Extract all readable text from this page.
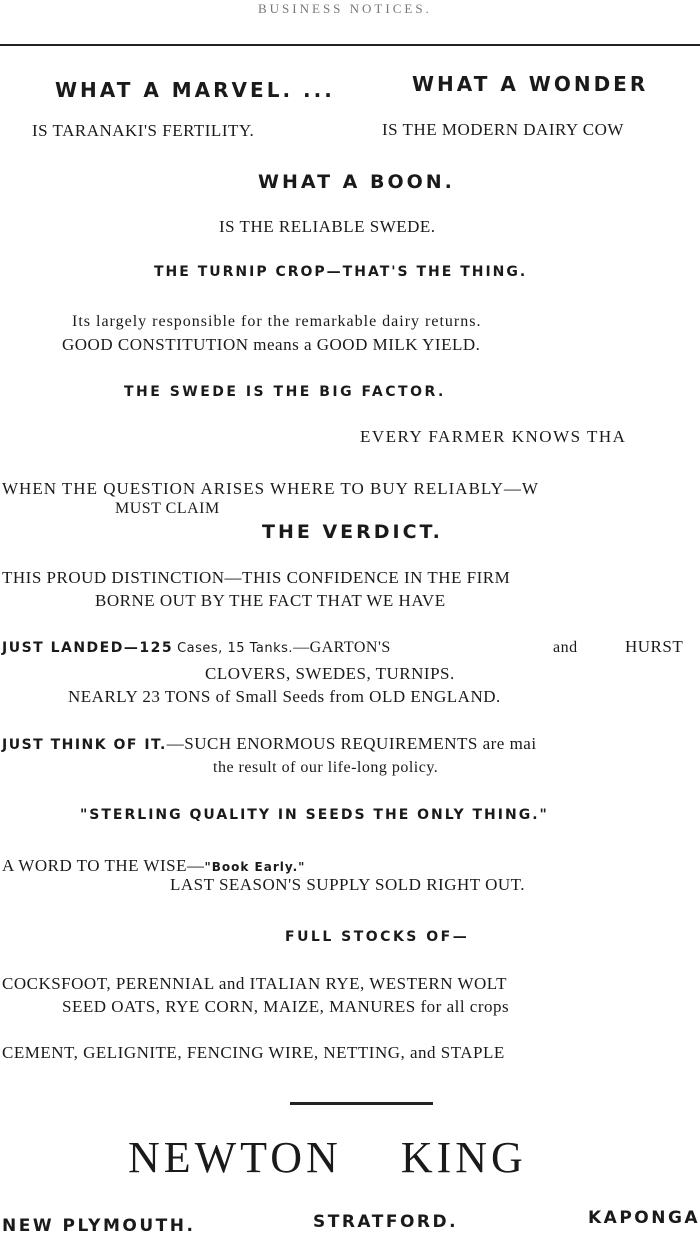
BUSINESS NOTICES.
WHAT A MARVEL. ...	WHAT A WONDER
IS TARANAKI'S FERTILITY.	IS THE MODERN DAIRY COW
WHAT A BOON.
IS THE RELIABLE SWEDE.
THE TURNIP CROP—THAT'S THE THING.
Its largely responsible for the remarkable dairy returns.
GOOD CONSTITUTION means a GOOD MILK YIELD.
THE SWEDE IS THE BIG FACTOR.
EVERY FARMER KNOWS THA
WHEN THE QUESTION ARISES WHERE TO BUY RELIABLY—W
MUST CLAIM
THE VERDICT.
THIS PROUD DISTINCTION—THIS CONFIDENCE IN THE FIRM
BORNE OUT BY THE FACT THAT WE HAVE
JUST LANDED—125 Cases, 15 Tanks.—GARTON'S	and	HURST
CLOVERS, SWEDES, TURNIPS.
NEARLY 23 TONS of Small Seeds from OLD ENGLAND.
JUST THINK OF IT.—SUCH ENORMOUS REQUIREMENTS are mai
the result of our life-long policy.
"STERLING QUALITY IN SEEDS THE ONLY THING."
A WORD TO THE WISE—"Book Early."
LAST SEASON'S SUPPLY SOLD RIGHT OUT.
FULL STOCKS OF—
COCKSFOOT, PERENNIAL and ITALIAN RYE, WESTERN WOLT
SEED OATS, RYE CORN, MAIZE, MANURES for all crops
CEMENT, GELIGNITE, FENCING WIRE, NETTING, and STAPLE
NEWTON KING
NEW PLYMOUTH.	STRATFORD.	KAPONGA
